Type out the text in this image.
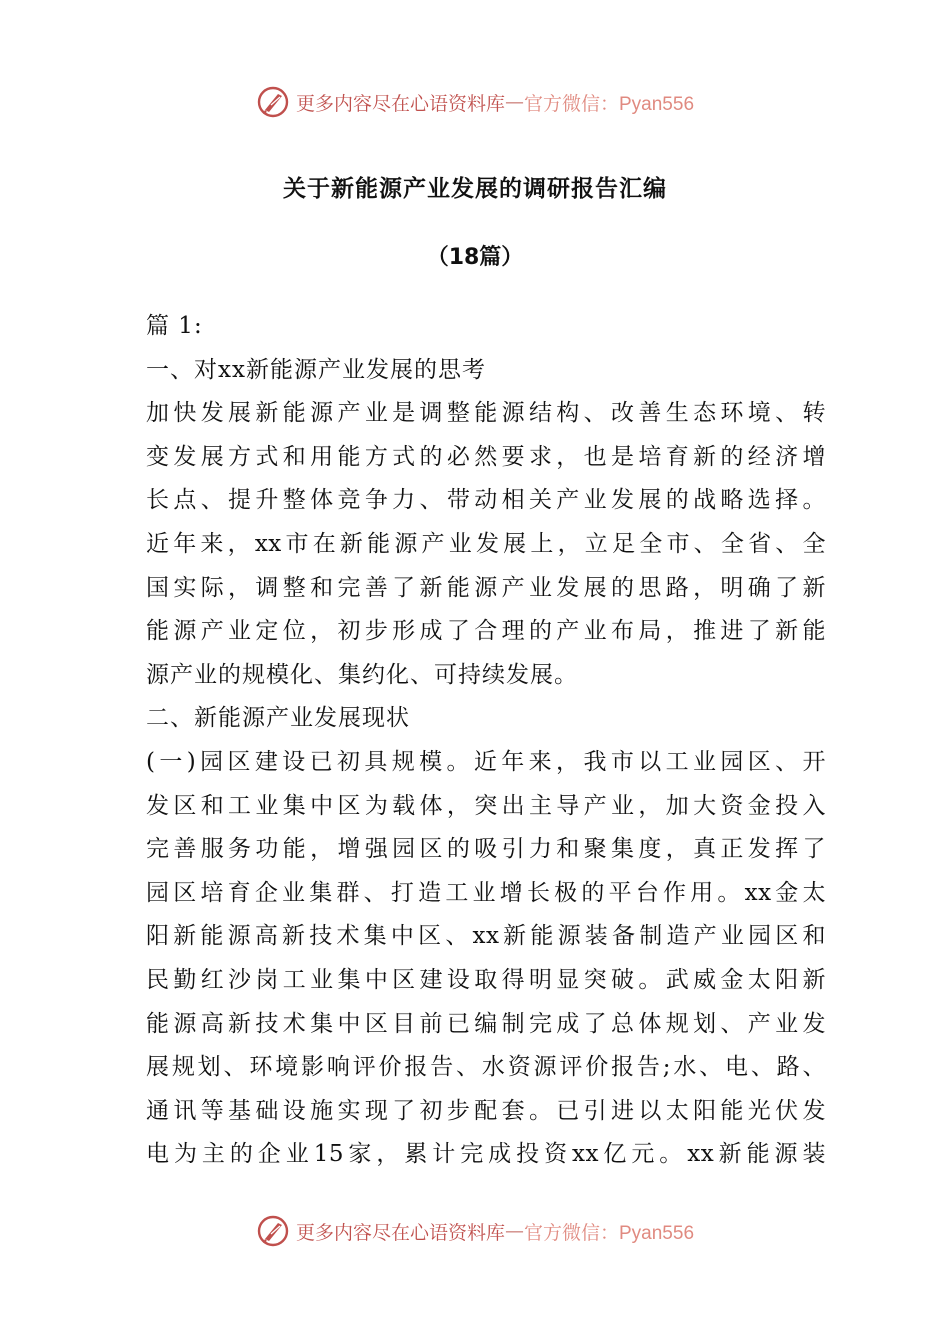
更多内容尽在心语资料库 — 官方微信：Pyan556
关于新能源产业发展的调研报告汇编
（18篇）
篇 1:
一、对xx新能源产业发展的思考
加快发展新能源产业是调整能源结构、改善生态环境、转
变发展方式和用能方式的必然要求，也是培育新的经济增
长点、提升整体竞争力、带动相关产业发展的战略选择。
近年来，xx市在新能源产业发展上，立足全市、全省、全
国实际，调整和完善了新能源产业发展的思路，明确了新
能源产业定位，初步形成了合理的产业布局，推进了新能
源产业的规模化、集约化、可持续发展。
二、新能源产业发展现状
(一)园区建设已初具规模。近年来，我市以工业园区、开
发区和工业集中区为载体，突出主导产业，加大资金投入
完善服务功能，增强园区的吸引力和聚集度，真正发挥了
园区培育企业集群、打造工业增长极的平台作用。xx金太
阳新能源高新技术集中区、xx新能源装备制造产业园区和
民勤红沙岗工业集中区建设取得明显突破。武威金太阳新
能源高新技术集中区目前已编制完成了总体规划、产业发
展规划、环境影响评价报告、水资源评价报告;水、电、路、
通讯等基础设施实现了初步配套。已引进以太阳能光伏发
电为主的企业15家，累计完成投资xx亿元。xx新能源装
更多内容尽在心语资料库 — 官方微信：Pyan556
